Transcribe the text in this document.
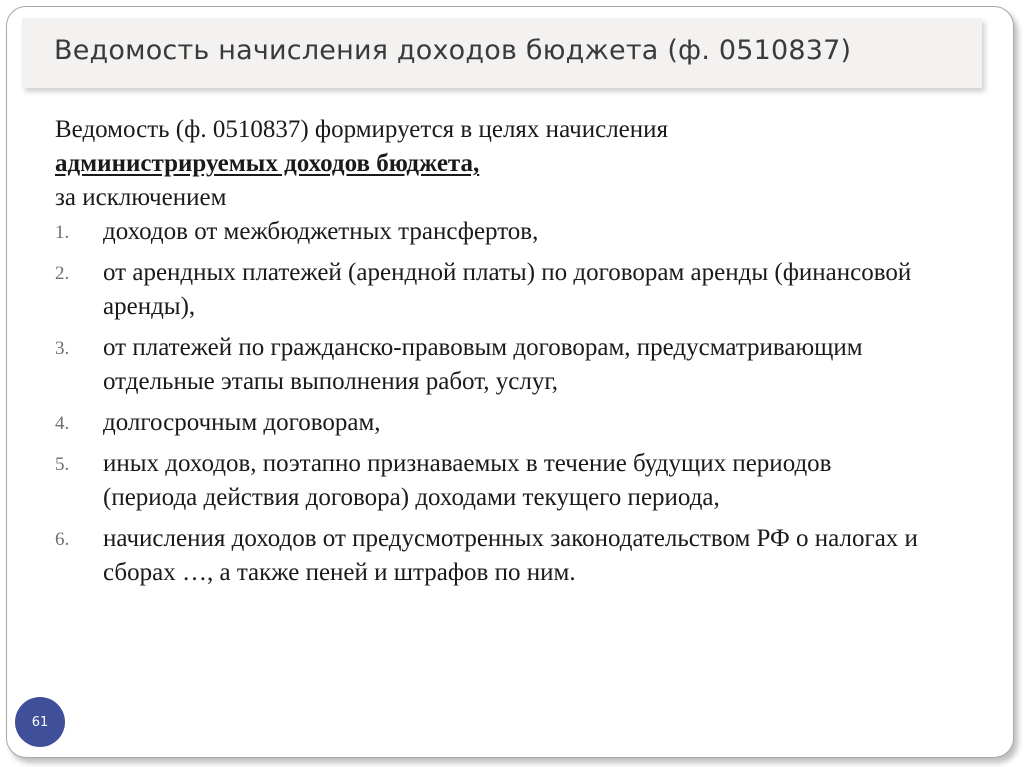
Ведомость начисления доходов бюджета (ф. 0510837)
Ведомость (ф. 0510837) формируется в целях начисления
администрируемых доходов бюджета,
за исключением
1. доходов от межбюджетных трансфертов,
2. от арендных платежей (арендной платы) по договорам аренды (финансовой аренды),
3. от платежей по гражданско-правовым договорам, предусматривающим отдельные этапы выполнения работ, услуг,
4. долгосрочным договорам,
5. иных доходов, поэтапно признаваемых в течение будущих периодов (периода действия договора) доходами текущего периода,
6. начисления доходов от предусмотренных законодательством РФ о налогах и сборах …, а также пеней и штрафов по ним.
61
